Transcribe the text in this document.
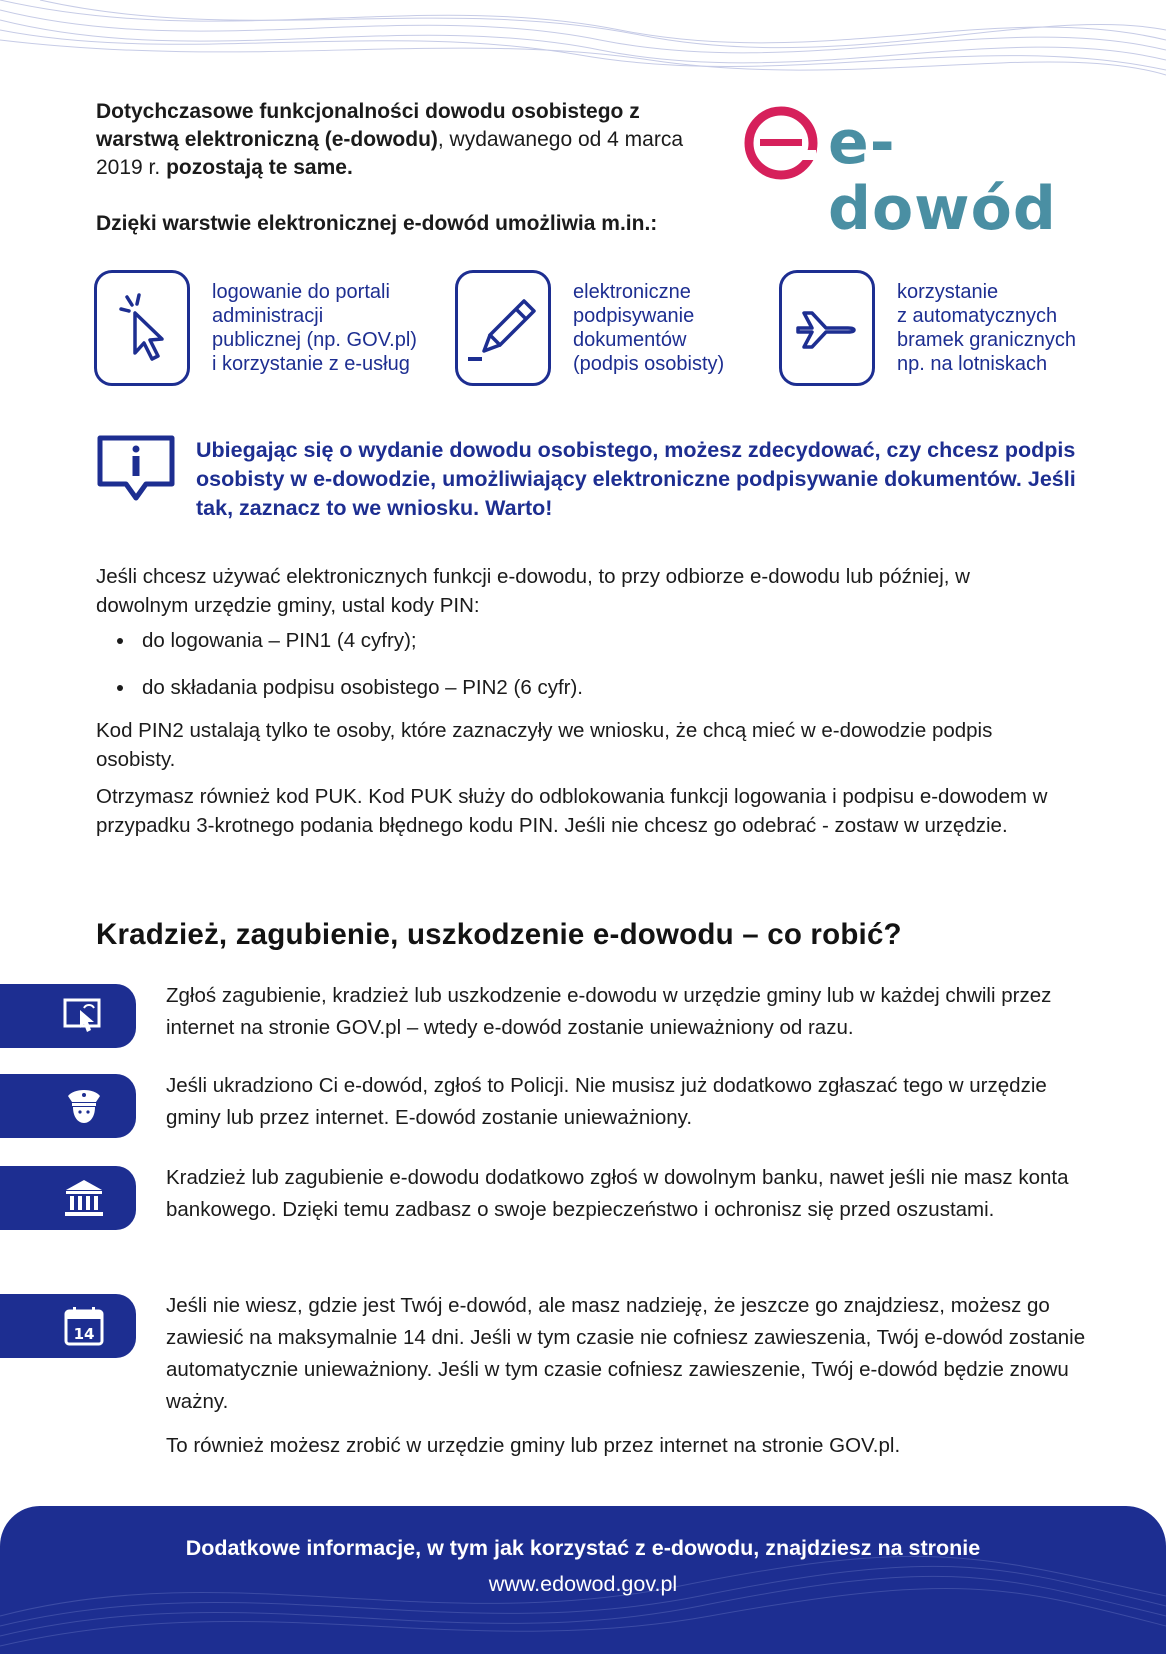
Dotychczasowe funkcjonalności dowodu osobistego z warstwą elektroniczną (e-dowodu), wydawanego od 4 marca 2019 r. pozostają te same.	e-dowód
Dzięki warstwie elektronicznej e-dowód umożliwia m.in.:
logowanie do portali
administracji
publicznej (np. GOV.pl)
i korzystanie z e-usług
elektroniczne
podpisywanie
dokumentów
(podpis osobisty)
korzystanie
z automatycznych
bramek granicznych
np. na lotniskach
Ubiegając się o wydanie dowodu osobistego, możesz zdecydować, czy chcesz podpis osobisty w e-dowodzie, umożliwiający elektroniczne podpisywanie dokumentów. Jeśli tak, zaznacz to we wniosku. Warto!

Jeśli chcesz używać elektronicznych funkcji e-dowodu, to przy odbiorze e-dowodu lub później, w dowolnym urzędzie gminy, ustal kody PIN:

• do logowania – PIN1 (4 cyfry);
• do składania podpisu osobistego – PIN2 (6 cyfr).

Kod PIN2 ustalają tylko te osoby, które zaznaczyły we wniosku, że chcą mieć w e-dowodzie podpis osobisty.

Otrzymasz również kod PUK. Kod PUK służy do odblokowania funkcji logowania i podpisu e-dowodem w przypadku 3-krotnego podania błędnego kodu PIN. Jeśli nie chcesz go odebrać - zostaw w urzędzie.

Kradzież, zagubienie, uszkodzenie e-dowodu – co robić?
Zgłoś zagubienie, kradzież lub uszkodzenie e-dowodu w urzędzie gminy lub w każdej chwili przez internet na stronie GOV.pl – wtedy e-dowód zostanie unieważniony od razu.
Jeśli ukradziono Ci e-dowód, zgłoś to Policji. Nie musisz już dodatkowo zgłaszać tego w urzędzie gminy lub przez internet. E-dowód zostanie unieważniony.
Kradzież lub zagubienie e-dowodu dodatkowo zgłoś w dowolnym banku, nawet jeśli nie masz konta bankowego. Dzięki temu zadbasz o swoje bezpieczeństwo i ochronisz się przed oszustami.
14
Jeśli nie wiesz, gdzie jest Twój e-dowód, ale masz nadzieję, że jeszcze go znajdziesz, możesz go zawiesić na maksymalnie 14 dni. Jeśli w tym czasie nie cofniesz zawieszenia, Twój e-dowód zostanie automatycznie unieważniony. Jeśli w tym czasie cofniesz zawieszenie, Twój e-dowód będzie znowu ważny.
To również możesz zrobić w urzędzie gminy lub przez internet na stronie GOV.pl.
Dodatkowe informacje, w tym jak korzystać z e-dowodu, znajdziesz na stronie
www.edowod.gov.pl
